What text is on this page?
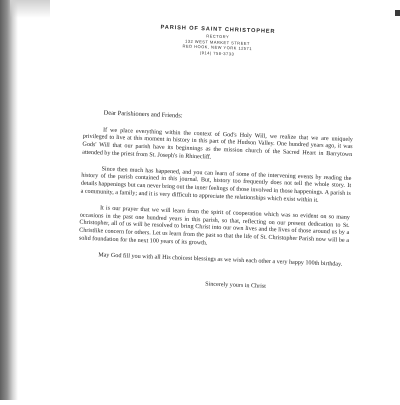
PARISH OF SAINT CHRISTOPHER
RECTORY
132 WEST MARKET STREET
RED HOOK, NEW YORK 12571
(914) 758-3733
Dear Parishioners and Friends:

If we place everything within the context of God's Holy Will, we realize that we are uniquely privileged to live at this moment in history in this part of the Hudson Valley. One hundred years ago, it was Gods' Will that our parish have its beginnings as the mission church of the Sacred Heart in Barrytown attended by the priest from St. Joseph's in Rhinecliff.

Since then much has happened, and you can learn of some of the intervening events by reading the history of the parish contained in this journal. But, history too frequently does not tell the whole story. It details happenings but can never bring out the inner feelings of those involved in those happenings. A parish is a community, a family; and it is very difficult to appreciate the relationships which exist within it.

It is our prayer that we will learn from the spirit of cooperation which was so evident on so many occasions in the past one hundred years in this parish, so that, reflecting on our present dedication to St. Christopher, all of us will be resolved to bring Christ into our own lives and the lives of those around us by a Christlike concern for others. Let us learn from the past so that the life of St. Christopher Parish now will be a solid foundation for the next 100 years of its growth.

May God fill you with all His choicest blessings as we wish each other a very happy 100th birthday.

Sincerely yours in Christ
